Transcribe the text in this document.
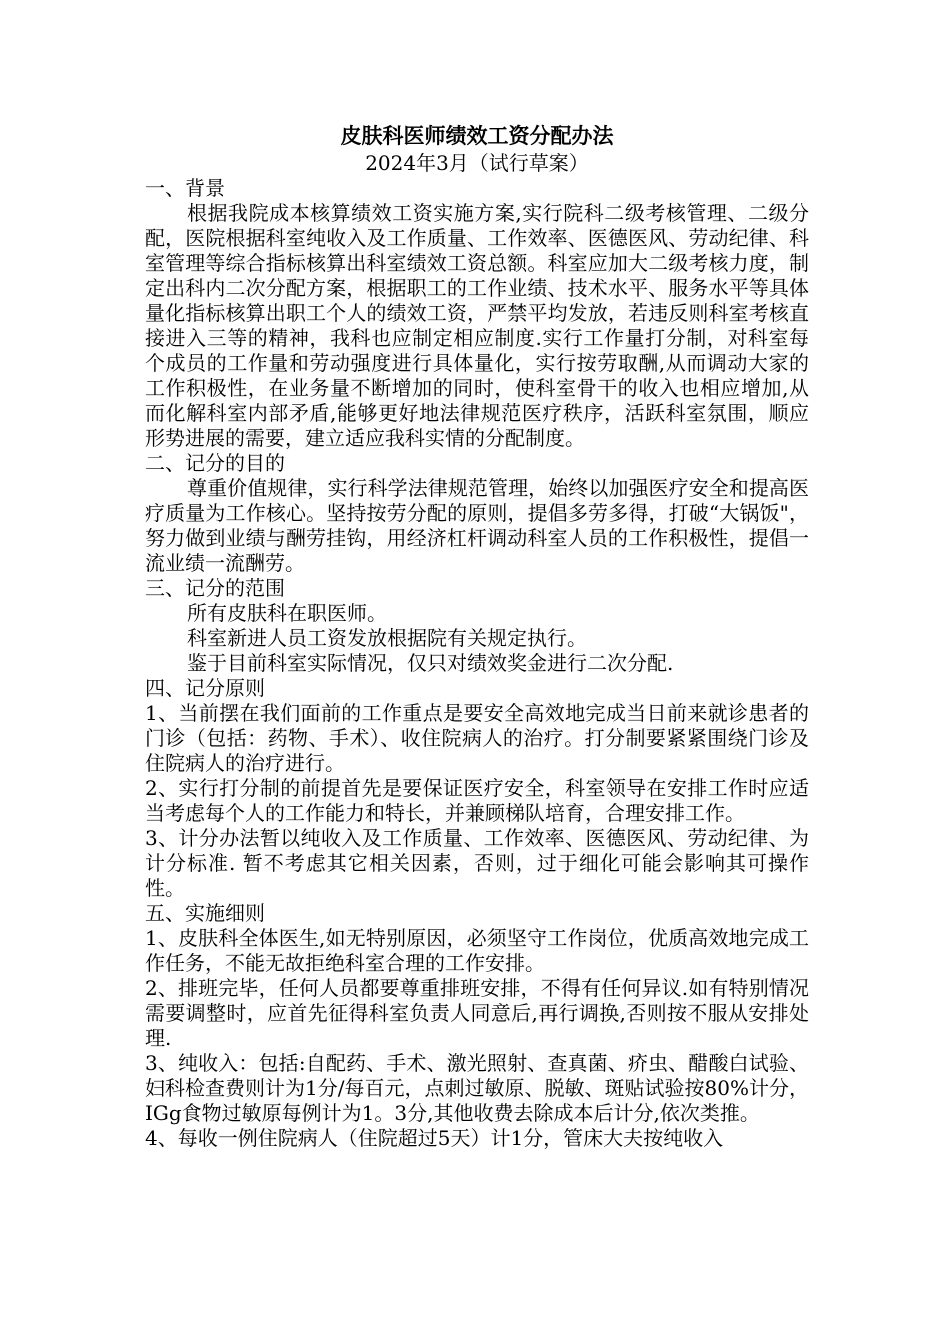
皮肤科医师绩效工资分配办法

2024年3月（试行草案）

一、背景

根据我院成本核算绩效工资实施方案,实行院科二级考核管理、二级分配，医院根据科室纯收入及工作质量、工作效率、医德医风、劳动纪律、科室管理等综合指标核算出科室绩效工资总额。科室应加大二级考核力度，制定出科内二次分配方案，根据职工的工作业绩、技术水平、服务水平等具体量化指标核算出职工个人的绩效工资，严禁平均发放，若违反则科室考核直接进入三等的精神，我科也应制定相应制度.实行工作量打分制，对科室每个成员的工作量和劳动强度进行具体量化，实行按劳取酬,从而调动大家的工作积极性，在业务量不断增加的同时，使科室骨干的收入也相应增加,从而化解科室内部矛盾,能够更好地法律规范医疗秩序，活跃科室氛围，顺应形势进展的需要，建立适应我科实情的分配制度。

二、记分的目的

尊重价值规律，实行科学法律规范管理，始终以加强医疗安全和提高医疗质量为工作核心。坚持按劳分配的原则，提倡多劳多得，打破“大锅饭"，努力做到业绩与酬劳挂钩，用经济杠杆调动科室人员的工作积极性，提倡一流业绩一流酬劳。

三、记分的范围

所有皮肤科在职医师。

科室新进人员工资发放根据院有关规定执行。

鉴于目前科室实际情况，仅只对绩效奖金进行二次分配.

四、记分原则

1、当前摆在我们面前的工作重点是要安全高效地完成当日前来就诊患者的门诊（包括：药物、手术）、收住院病人的治疗。打分制要紧紧围绕门诊及住院病人的治疗进行。

2、实行打分制的前提首先是要保证医疗安全，科室领导在安排工作时应适当考虑每个人的工作能力和特长，并兼顾梯队培育，合理安排工作。

3、计分办法暂以纯收入及工作质量、工作效率、医德医风、劳动纪律、为计分标准. 暂不考虑其它相关因素，否则，过于细化可能会影响其可操作性。

五、实施细则

1、皮肤科全体医生,如无特别原因，必须坚守工作岗位，优质高效地完成工作任务，不能无故拒绝科室合理的工作安排。

2、排班完毕，任何人员都要尊重排班安排，不得有任何异议.如有特别情况需要调整时，应首先征得科室负责人同意后,再行调换,否则按不服从安排处理.

3、纯收入：包括:自配药、手术、激光照射、查真菌、疥虫、醋酸白试验、妇科检查费则计为1分/每百元，点刺过敏原、脱敏、斑贴试验按80%计分，IGg食物过敏原每例计为1。3分,其他收费去除成本后计分,依次类推。

4、每收一例住院病人（住院超过5天）计1分，管床大夫按纯收入
